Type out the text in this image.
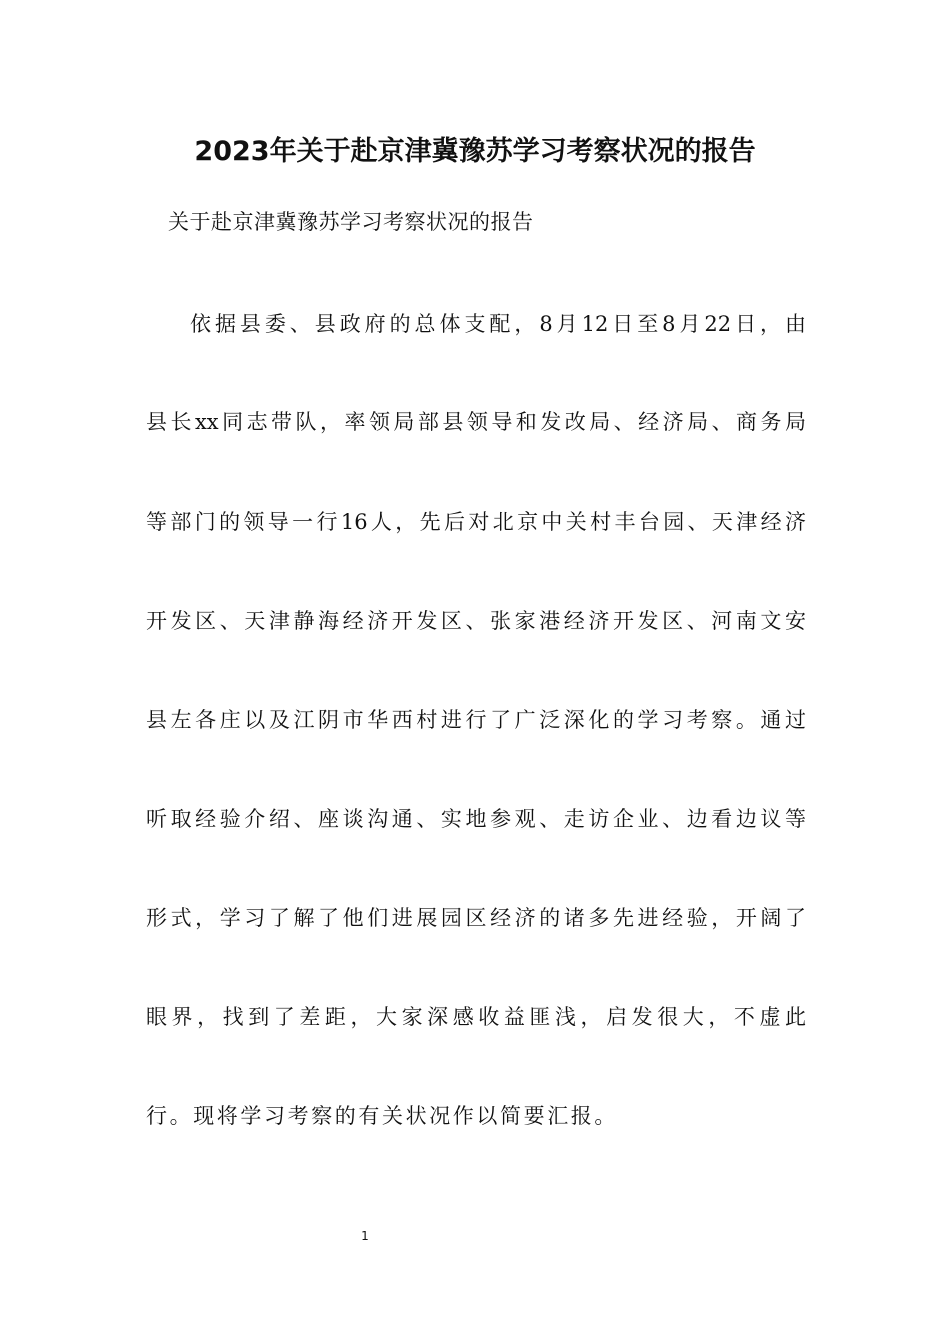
2023年关于赴京津冀豫苏学习考察状况的报告
关于赴京津冀豫苏学习考察状况的报告
依据县委、县政府的总体支配，8月12日至8月22日，由
县长xx同志带队，率领局部县领导和发改局、经济局、商务局
等部门的领导一行16人，先后对北京中关村丰台园、天津经济
开发区、天津静海经济开发区、张家港经济开发区、河南文安
县左各庄以及江阴市华西村进行了广泛深化的学习考察。通过
听取经验介绍、座谈沟通、实地参观、走访企业、边看边议等
形式，学习了解了他们进展园区经济的诸多先进经验，开阔了
眼界，找到了差距，大家深感收益匪浅，启发很大，不虚此
行。现将学习考察的有关状况作以简要汇报。
1
